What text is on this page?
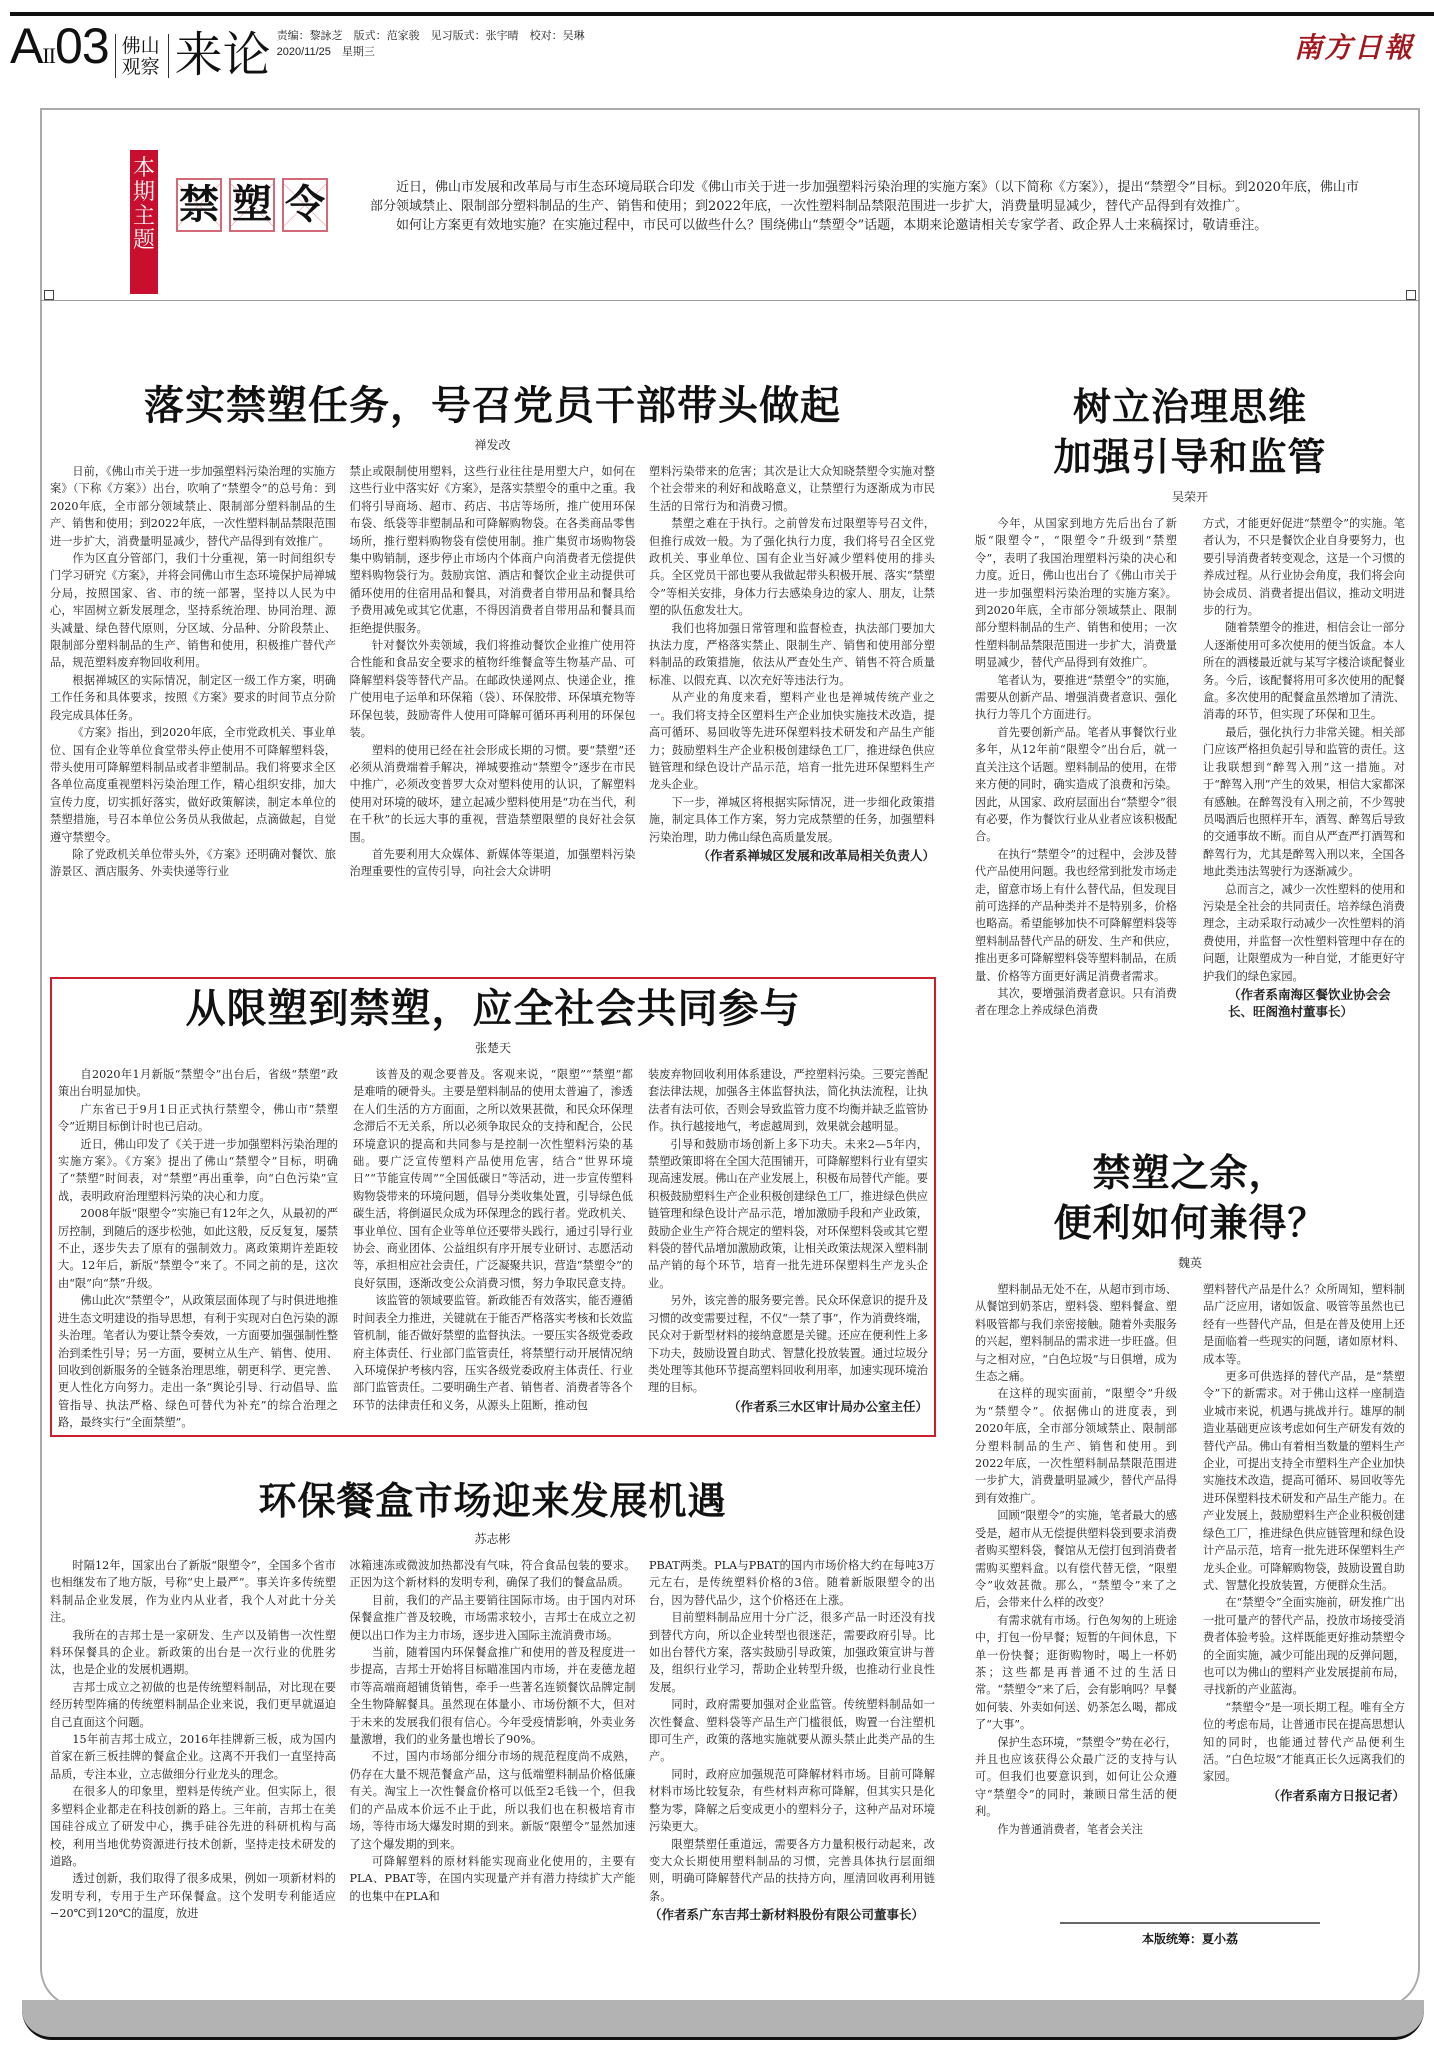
AII03 佛山
观察 来论 责编：黎詠芝　版式：范家骏　见习版式：张宇晴　校对：吴琳
2020/11/25　星期三	南方日報
本期主题
禁 塑 令	近日，佛山市发展和改革局与市生态环境局联合印发《佛山市关于进一步加强塑料污染治理的实施方案》（以下简称《方案》），提出“禁塑令”目标。到2020年底，佛山市部分领域禁止、限制部分塑料制品的生产、销售和使用；到2022年底，一次性塑料制品禁限范围进一步扩大，消费量明显减少，替代产品得到有效推广。

如何让方案更有效地实施？在实施过程中，市民可以做些什么？围绕佛山“禁塑令”话题，本期来论邀请相关专家学者、政企界人士来稿探讨，敬请垂注。

落实禁塑任务，号召党员干部带头做起
禅发改

日前，《佛山市关于进一步加强塑料污染治理的实施方案》（下称《方案》）出台，吹响了“禁塑令”的总号角：到2020年底，全市部分领域禁止、限制部分塑料制品的生产、销售和使用；到2022年底，一次性塑料制品禁限范围进一步扩大，消费量明显减少，替代产品得到有效推广。

作为区直分管部门，我们十分重视，第一时间组织专门学习研究《方案》，并将会同佛山市生态环境保护局禅城分局，按照国家、省、市的统一部署，坚持以人民为中心，牢固树立新发展理念，坚持系统治理、协同治理、源头减量、绿色替代原则，分区域、分品种、分阶段禁止、限制部分塑料制品的生产、销售和使用，积极推广替代产品，规范塑料废弃物回收利用。

根据禅城区的实际情况，制定区一级工作方案，明确工作任务和具体要求，按照《方案》要求的时间节点分阶段完成具体任务。

《方案》指出，到2020年底，全市党政机关、事业单位、国有企业等单位食堂带头停止使用不可降解塑料袋，带头使用可降解塑料制品或者非塑制品。我们将要求全区各单位高度重视塑料污染治理工作，精心组织安排，加大宣传力度，切实抓好落实，做好政策解读，制定本单位的禁塑措施，号召本单位公务员从我做起，点滴做起，自觉遵守禁塑令。

除了党政机关单位带头外，《方案》还明确对餐饮、旅游景区、酒店服务、外卖快递等行业

禁止或限制使用塑料，这些行业往往是用塑大户，如何在这些行业中落实好《方案》，是落实禁塑令的重中之重。我们将引导商场、超市、药店、书店等场所，推广使用环保布袋、纸袋等非塑制品和可降解购物袋。在各类商品零售场所，推行塑料购物袋有偿使用制。推广集贸市场购物袋集中购销制，逐步停止市场内个体商户向消费者无偿提供塑料购物袋行为。鼓励宾馆、酒店和餐饮企业主动提供可循环使用的住宿用品和餐具，对消费者自带用品和餐具给予费用减免或其它优惠，不得因消费者自带用品和餐具而拒绝提供服务。

针对餐饮外卖领域，我们将推动餐饮企业推广使用符合性能和食品安全要求的植物纤维餐盒等生物基产品、可降解塑料袋等替代产品。在邮政快递网点、快递企业，推广使用电子运单和环保箱（袋）、环保胶带、环保填充物等环保包装，鼓励寄件人使用可降解可循环再利用的环保包装。

塑料的使用已经在社会形成长期的习惯。要“禁塑”还必须从消费端着手解决，禅城要推动“禁塑令”逐步在市民中推广，必须改变普罗大众对塑料使用的认识，了解塑料使用对环境的破坏，建立起减少塑料使用是“功在当代，利在千秋”的长远大事的重视，营造禁塑限塑的良好社会氛围。

首先要利用大众媒体、新媒体等渠道，加强塑料污染治理重要性的宣传引导，向社会大众讲明

塑料污染带来的危害；其次是让大众知晓禁塑令实施对整个社会带来的利好和战略意义，让禁塑行为逐渐成为市民生活的日常行为和消费习惯。

禁塑之难在于执行。之前曾发布过限塑等号召文件，但推行成效一般。为了强化执行力度，我们将号召全区党政机关、事业单位、国有企业当好减少塑料使用的排头兵。全区党员干部也要从我做起带头积极开展、落实“禁塑令”等相关安排，身体力行去感染身边的家人、朋友，让禁塑的队伍愈发壮大。

我们也将加强日常管理和监督检查，执法部门要加大执法力度，严格落实禁止、限制生产、销售和使用部分塑料制品的政策措施，依法从严查处生产、销售不符合质量标准、以假充真、以次充好等违法行为。

从产业的角度来看，塑料产业也是禅城传统产业之一。我们将支持全区塑料生产企业加快实施技术改造，提高可循环、易回收等先进环保塑料技术研发和产品生产能力；鼓励塑料生产企业积极创建绿色工厂，推进绿色供应链管理和绿色设计产品示范，培育一批先进环保塑料生产龙头企业。

下一步，禅城区将根据实际情况，进一步细化政策措施，制定具体工作方案，努力完成禁塑的任务，加强塑料污染治理，助力佛山绿色高质量发展。

（作者系禅城区发展和改革局相关负责人）

树立治理思维
加强引导和监管
吴荣开

今年，从国家到地方先后出台了新版“限塑令”，“限塑令”升级到“禁塑令”，表明了我国治理塑料污染的决心和力度。近日，佛山也出台了《佛山市关于进一步加强塑料污染治理的实施方案》。到2020年底，全市部分领域禁止、限制部分塑料制品的生产、销售和使用；一次性塑料制品禁限范围进一步扩大，消费量明显减少，替代产品得到有效推广。

笔者认为，要推进“禁塑令”的实施，需要从创新产品、增强消费者意识、强化执行力等几个方面进行。

首先要创新产品。笔者从事餐饮行业多年，从12年前“限塑令”出台后，就一直关注这个话题。塑料制品的使用，在带来方便的同时，确实造成了浪费和污染。因此，从国家、政府层面出台“禁塑令”很有必要，作为餐饮行业从业者应该积极配合。

在执行“禁塑令”的过程中，会涉及替代产品使用问题。我也经常到批发市场走走，留意市场上有什么替代品，但发现目前可选择的产品种类并不是特别多，价格也略高。希望能够加快不可降解塑料袋等塑料制品替代产品的研发、生产和供应，推出更多可降解塑料袋等塑料制品，在质量、价格等方面更好满足消费者需求。

其次，要增强消费者意识。只有消费者在理念上养成绿色消费

方式，才能更好促进“禁塑令”的实施。笔者认为，不只是餐饮企业自身要努力，也要引导消费者转变观念，这是一个习惯的养成过程。从行业协会角度，我们将会向协会成员、消费者提出倡议，推动文明进步的行为。

随着禁塑令的推进，相信会让一部分人逐渐使用可多次使用的便当饭盒。本人所在的酒楼最近就与某写字楼洽谈配餐业务。今后，该配餐将用可多次使用的配餐盒。多次使用的配餐盒虽然增加了清洗、消毒的环节，但实现了环保和卫生。

最后，强化执行力非常关键。相关部门应该严格担负起引导和监管的责任。这让我联想到“醉驾入刑”这一措施。对于“醉驾入刑”产生的效果，相信大家都深有感触。在醉驾没有入刑之前，不少驾驶员喝酒后也照样开车，酒驾、醉驾后导致的交通事故不断。而自从严查严打酒驾和醉驾行为，尤其是醉驾入刑以来，全国各地此类违法驾驶行为逐渐减少。

总而言之，减少一次性塑料的使用和污染是全社会的共同责任。培养绿色消费理念，主动采取行动减少一次性塑料的消费使用，并监督一次性塑料管理中存在的问题，让限塑成为一种自觉，才能更好守护我们的绿色家园。

（作者系南海区餐饮业协会会长、旺阁渔村董事长）

从限塑到禁塑，应全社会共同参与
张楚天

自2020年1月新版“禁塑令”出台后，省级“禁塑”政策出台明显加快。

广东省已于9月1日正式执行禁塑令，佛山市“禁塑令”近期目标倒计时也已启动。

近日，佛山印发了《关于进一步加强塑料污染治理的实施方案》。《方案》提出了佛山“禁塑令”目标，明确了“禁塑”时间表，对“禁塑”再出重拳，向“白色污染”宣战，表明政府治理塑料污染的决心和力度。

2008年版“限塑令”实施已有12年之久，从最初的严厉控制，到随后的逐步松弛，如此这般，反反复复，屡禁不止，逐步失去了原有的强制效力。离政策期许差距较大。12年后，新版“禁塑令”来了。不同之前的是，这次由“限”向“禁”升级。

佛山此次“禁塑令”，从政策层面体现了与时俱进地推进生态文明建设的指导思想，有利于实现对白色污染的源头治理。笔者认为要让禁令奏效，一方面要加强强制性整治到柔性引导；另一方面，要树立从生产、销售、使用、回收到创新服务的全链条治理思维，朝更科学、更完善、更人性化方向努力。走出一条“舆论引导、行动倡导、监管指导、执法严格、绿色可替代为补充”的综合治理之路，最终实行“全面禁塑”。

该普及的观念要普及。客观来说，“限塑”“禁塑”都是难啃的硬骨头。主要是塑料制品的使用太普遍了，渗透在人们生活的方方面面，之所以效果甚微，和民众环保理念滞后不无关系，所以必须争取民众的支持和配合，公民环境意识的提高和共同参与是控制一次性塑料污染的基础。要广泛宣传塑料产品使用危害，结合“世界环境日”“节能宣传周”“全国低碳日”等活动，进一步宣传塑料购物袋带来的环境问题，倡导分类收集处置，引导绿色低碳生活，将倒逼民众成为环保理念的践行者。党政机关、事业单位、国有企业等单位还要带头践行，通过引导行业协会、商业团体、公益组织有序开展专业研讨、志愿活动等，承担相应社会责任，广泛凝聚共识，营造“禁塑令”的良好氛围，逐渐改变公众消费习惯，努力争取民意支持。

该监管的领域要监管。新政能否有效落实，能否遵循时间表全力推进，关键就在于能否严格落实考核和长效监管机制，能否做好禁塑的监督执法。一要压实各级党委政府主体责任、行业部门监管责任，将禁塑行动开展情况纳入环境保护考核内容，压实各级党委政府主体责任、行业部门监管责任。二要明确生产者、销售者、消费者等各个环节的法律责任和义务，从源头上阻断，推动包

装废弃物回收利用体系建设，严控塑料污染。三要完善配套法律法规，加强各主体监督执法，简化执法流程，让执法者有法可依，否则会导致监管力度不均衡并缺乏监管协作。执行越接地气，考虑越周到，效果就会越明显。

引导和鼓励市场创新上多下功夫。未来2—5年内，禁塑政策即将在全国大范围铺开，可降解塑料行业有望实现高速发展。佛山在产业发展上，积极布局替代产能。要积极鼓励塑料生产企业积极创建绿色工厂，推进绿色供应链管理和绿色设计产品示范，增加激励手段和产业政策，鼓励企业生产符合规定的塑料袋，对环保塑料袋或其它塑料袋的替代品增加激励政策，让相关政策法规深入塑料制品产销的每个环节，培育一批先进环保塑料生产龙头企业。

另外，该完善的服务要完善。民众环保意识的提升及习惯的改变需要过程，不仅“一禁了事”，作为消费终端，民众对于新型材料的接纳意愿是关键。还应在便利性上多下功夫，鼓励设置自助式、智慧化投放装置。通过垃圾分类处理等其他环节提高塑料回收利用率，加速实现环境治理的目标。

（作者系三水区审计局办公室主任）

禁塑之余，
便利如何兼得？
魏英

塑料制品无处不在，从超市到市场、从餐馆到奶茶店，塑料袋、塑料餐盒、塑料吸管都与我们亲密接触。随着外卖服务的兴起，塑料制品的需求进一步旺盛。但与之相对应，“白色垃圾”与日俱增，成为生态之痛。

在这样的现实面前，“限塑令”升级为“禁塑令”。依据佛山的进度表，到2020年底，全市部分领域禁止、限制部分塑料制品的生产、销售和使用。到2022年底，一次性塑料制品禁限范围进一步扩大，消费量明显减少，替代产品得到有效推广。

回顾“限塑令”的实施，笔者最大的感受是，超市从无偿提供塑料袋到要求消费者购买塑料袋，餐馆从无偿打包到消费者需购买塑料盒。以有偿代替无偿，“限塑令”收效甚微。那么，“禁塑令”来了之后，会带来什么样的改变？

有需求就有市场。行色匆匆的上班途中，打包一份早餐；短暂的午间休息，下单一份快餐；逛街购物时，喝上一杯奶茶；这些都是再普通不过的生活日常。“禁塑令”来了后，会有影响吗？早餐如何装、外卖如何送、奶茶怎么喝，都成了“大事”。

保护生态环境，“禁塑令”势在必行，并且也应该获得公众最广泛的支持与认可。但我们也要意识到，如何让公众遵守“禁塑令”的同时，兼顾日常生活的便利。

作为普通消费者，笔者会关注

塑料替代产品是什么？众所周知，塑料制品广泛应用，诸如饭盒、吸管等虽然也已经有一些替代产品，但是在普及使用上还是面临着一些现实的问题，诸如原材料、成本等。

更多可供选择的替代产品，是“禁塑令”下的新需求。对于佛山这样一座制造业城市来说，机遇与挑战并行。雄厚的制造业基础更应该考虑如何生产研发有效的替代产品。佛山有着相当数量的塑料生产企业，可提出支持全市塑料生产企业加快实施技术改造，提高可循环、易回收等先进环保塑料技术研发和产品生产能力。在产业发展上，鼓励塑料生产企业积极创建绿色工厂，推进绿色供应链管理和绿色设计产品示范，培育一批先进环保塑料生产龙头企业。可降解购物袋，鼓励设置自助式、智慧化投放装置，方便群众生活。

在“禁塑令”全面实施前，研发推广出一批可量产的替代产品，投放市场接受消费者体验考验。这样既能更好推动禁塑令的全面实施，减少可能出现的反弹问题，也可以为佛山的塑料产业发展提前布局，寻找新的产业蓝海。

“禁塑令”是一项长期工程。唯有全方位的考虑布局，让普通市民在提高思想认知的同时，也能通过替代产品便利生活。“白色垃圾”才能真正长久远离我们的家园。

（作者系南方日报记者）

环保餐盒市场迎来发展机遇
苏志彬

时隔12年，国家出台了新版“限塑令”，全国多个省市也相继发布了地方版，号称“史上最严”。事关许多传统塑料制品企业发展，作为业内从业者，我个人对此十分关注。

我所在的吉邦士是一家研发、生产以及销售一次性塑料环保餐具的企业。新政策的出台是一次行业的优胜劣汰，也是企业的发展机遇期。

吉邦士成立之初做的也是传统塑料制品，对比现在要经历转型阵痛的传统塑料制品企业来说，我们更早就逼迫自己直面这个问题。

15年前吉邦士成立，2016年挂牌新三板，成为国内首家在新三板挂牌的餐盒企业。这离不开我们一直坚持高品质，专注本业，立志做细分行业龙头的理念。

在很多人的印象里，塑料是传统产业。但实际上，很多塑料企业都走在科技创新的路上。三年前，吉邦士在美国硅谷成立了研发中心，携手硅谷先进的科研机构与高校，利用当地优势资源进行技术创新，坚持走技术研发的道路。

透过创新，我们取得了很多成果，例如一项新材料的发明专利，专用于生产环保餐盒。这个发明专利能适应−20℃到120℃的温度，放进

冰箱速冻或微波加热都没有气味，符合食品包装的要求。正因为这个新材料的发明专利，确保了我们的餐盒品质。

目前，我们的产品主要销往国际市场。由于国内对环保餐盒推广普及较晚，市场需求较小，吉邦士在成立之初便以出口作为主力市场，逐步进入国际主流消费市场。

当前，随着国内环保餐盒推广和使用的普及程度进一步提高，吉邦士开始将目标瞄准国内市场，并在麦德龙超市等高端商超铺货销售，牵手一些著名连锁餐饮品牌定制全生物降解餐具。虽然现在体量小、市场份额不大，但对于未来的发展我们很有信心。今年受疫情影响，外卖业务量激增，我们的业务量也增长了90%。

不过，国内市场部分细分市场的规范程度尚不成熟，仍存在大量不规范餐盒产品，这与低端塑料制品价格低廉有关。淘宝上一次性餐盒价格可以低至2毛钱一个，但我们的产品成本价远不止于此，所以我们也在积极培育市场，等待市场大爆发时期的到来。新版“限塑令”显然加速了这个爆发期的到来。

可降解塑料的原材料能实现商业化使用的，主要有PLA、PBAT等，在国内实现量产并有潜力持续扩大产能的也集中在PLA和

PBAT两类。PLA与PBAT的国内市场价格大约在每吨3万元左右，是传统塑料价格的3倍。随着新版限塑令的出台，因为替代品少，这个价格还在上涨。

目前塑料制品应用十分广泛，很多产品一时还没有找到替代方向，所以企业转型也很迷茫，需要政府引导。比如出台替代方案，落实鼓励引导政策，加强政策宣讲与普及，组织行业学习，帮助企业转型升级，也推动行业良性发展。

同时，政府需要加强对企业监管。传统塑料制品如一次性餐盒、塑料袋等产品生产门槛很低，购置一台注塑机即可生产，政策的落地实施就要从源头禁止此类产品的生产。

同时，政府应加强规范可降解材料市场。目前可降解材料市场比较复杂，有些材料声称可降解，但其实只是化整为零，降解之后变成更小的塑料分子，这种产品对环境污染更大。

限塑禁塑任重道远，需要各方力量积极行动起来，改变大众长期使用塑料制品的习惯，完善具体执行层面细则，明确可降解替代产品的扶持方向，厘清回收再利用链条。

（作者系广东吉邦士新材料股份有限公司董事长）

本版统筹：夏小荔
